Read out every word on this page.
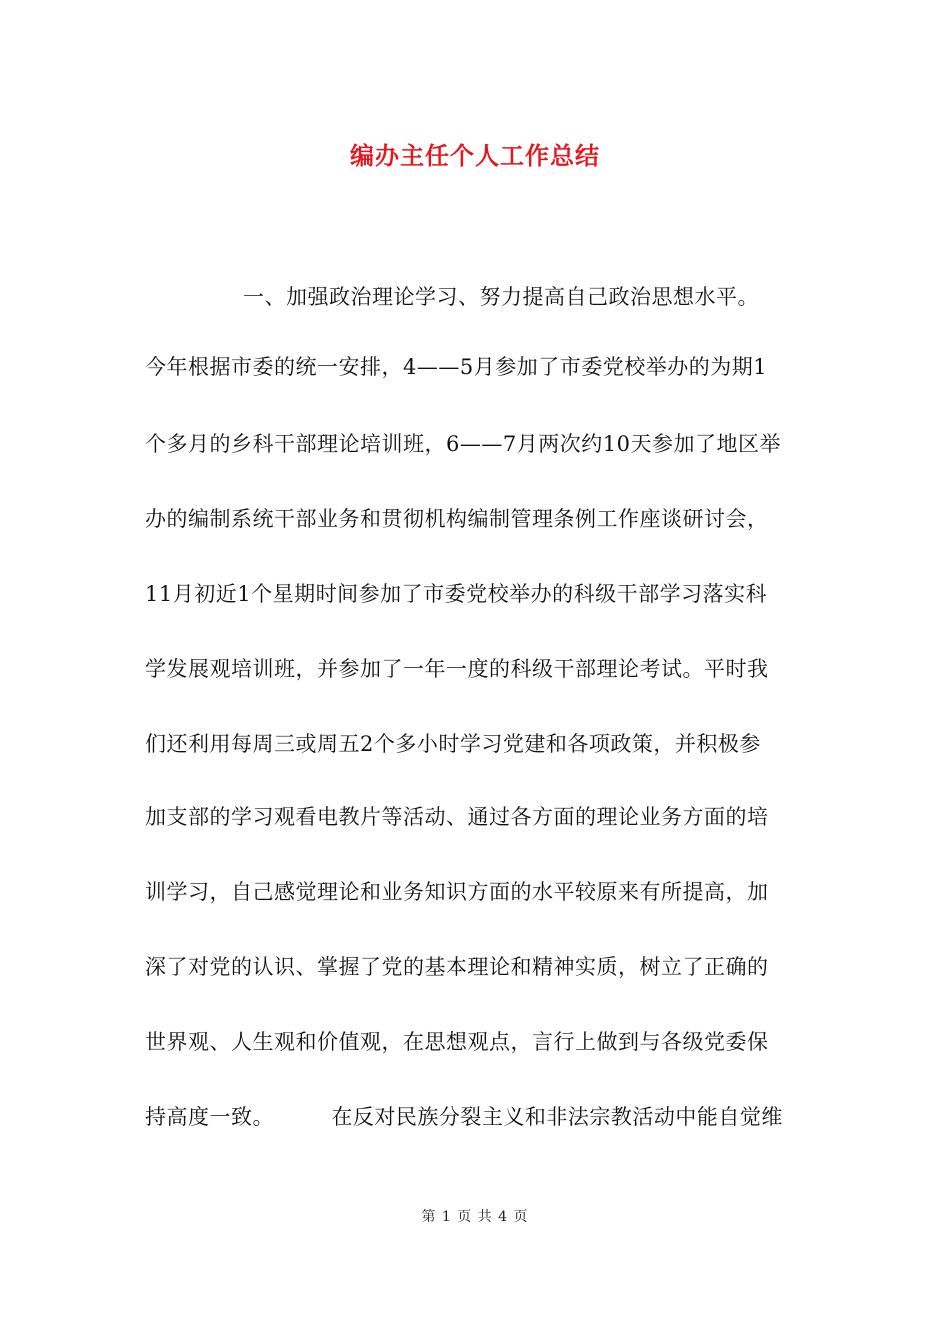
编办主任个人工作总结
一、加强政治理论学习、努力提高自己政治思想水平。
今年根据市委的统一安排，4——5月参加了市委党校举办的为期1
个多月的乡科干部理论培训班，6——7月两次约10天参加了地区举
办的编制系统干部业务和贯彻机构编制管理条例工作座谈研讨会，
11月初近1个星期时间参加了市委党校举办的科级干部学习落实科
学发展观培训班，并参加了一年一度的科级干部理论考试。平时我
们还利用每周三或周五2个多小时学习党建和各项政策，并积极参
加支部的学习观看电教片等活动、通过各方面的理论业务方面的培
训学习，自己感觉理论和业务知识方面的水平较原来有所提高，加
深了对党的认识、掌握了党的基本理论和精神实质，树立了正确的
世界观、人生观和价值观，在思想观点，言行上做到与各级党委保
持高度一致。        在反对民族分裂主义和非法宗教活动中能自觉维
第 1 页 共 4 页
